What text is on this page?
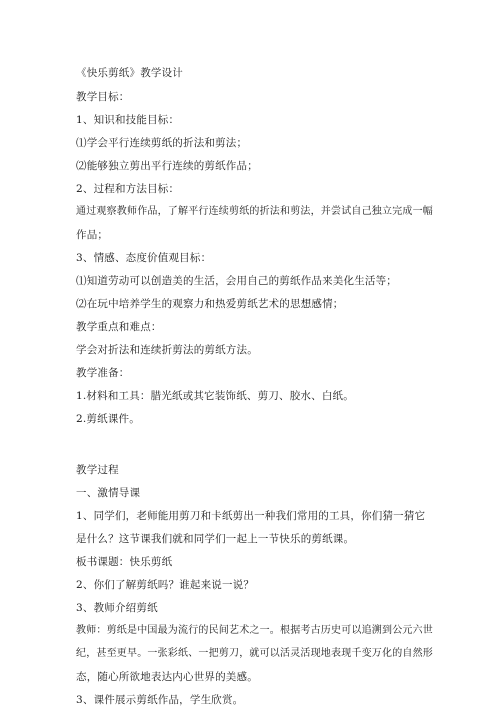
《快乐剪纸》教学设计
教学目标：
1、知识和技能目标：
⑴学会平行连续剪纸的折法和剪法；
⑵能够独立剪出平行连续的剪纸作品；
2、过程和方法目标：
通过观察教师作品，了解平行连续剪纸的折法和剪法，并尝试自己独立完成一幅
作品；
3、情感、态度价值观目标：
⑴知道劳动可以创造美的生活，会用自己的剪纸作品来美化生活等；
⑵在玩中培养学生的观察力和热爱剪纸艺术的思想感情；
教学重点和难点：
学会对折法和连续折剪法的剪纸方法。
教学准备：
1.材料和工具：腊光纸或其它装饰纸、剪刀、胶水、白纸。
2.剪纸课件。
教学过程
一、激情导课
1、同学们，老师能用剪刀和卡纸剪出一种我们常用的工具，你们猜一猜它
是什么？这节课我们就和同学们一起上一节快乐的剪纸课。
板书课题：快乐剪纸
2、你们了解剪纸吗？谁起来说一说？
3、教师介绍剪纸
教师：剪纸是中国最为流行的民间艺术之一。根据考古历史可以追溯到公元六世
纪，甚至更早。一张彩纸、一把剪刀，就可以活灵活现地表现千变万化的自然形
态，随心所欲地表达内心世界的美感。
3、课件展示剪纸作品，学生欣赏。
